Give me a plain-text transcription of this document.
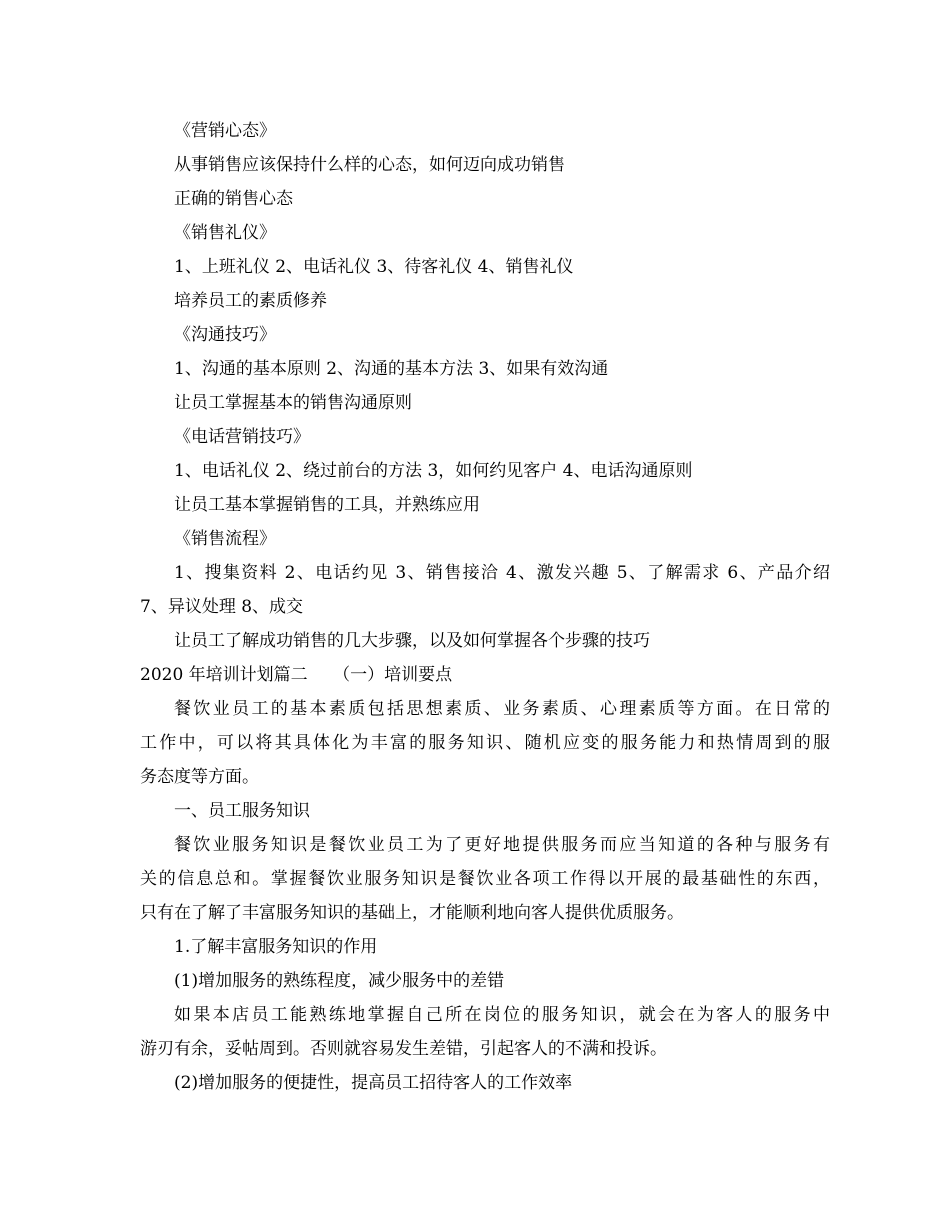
《营销心态》
从事销售应该保持什么样的心态，如何迈向成功销售
正确的销售心态
《销售礼仪》
1、上班礼仪 2、电话礼仪 3、待客礼仪 4、销售礼仪
培养员工的素质修养
《沟通技巧》
1、沟通的基本原则 2、沟通的基本方法 3、如果有效沟通
让员工掌握基本的销售沟通原则
《电话营销技巧》
1、电话礼仪 2、绕过前台的方法 3，如何约见客户 4、电话沟通原则
让员工基本掌握销售的工具，并熟练应用
《销售流程》
1、搜集资料 2、电话约见 3、销售接洽 4、激发兴趣 5、了解需求 6、产品介绍
7、异议处理 8、成交
让员工了解成功销售的几大步骤，以及如何掌握各个步骤的技巧
2020 年培训计划篇二　　（一）培训要点
餐饮业员工的基本素质包括思想素质、业务素质、心理素质等方面。在日常的
工作中，可以将其具体化为丰富的服务知识、随机应变的服务能力和热情周到的服
务态度等方面。
一、员工服务知识
餐饮业服务知识是餐饮业员工为了更好地提供服务而应当知道的各种与服务有
关的信息总和。掌握餐饮业服务知识是餐饮业各项工作得以开展的最基础性的东西，
只有在了解了丰富服务知识的基础上，才能顺利地向客人提供优质服务。
1.了解丰富服务知识的作用
(1)增加服务的熟练程度，减少服务中的差错
如果本店员工能熟练地掌握自己所在岗位的服务知识，就会在为客人的服务中
游刃有余，妥帖周到。否则就容易发生差错，引起客人的不满和投诉。
(2)增加服务的便捷性，提高员工招待客人的工作效率
